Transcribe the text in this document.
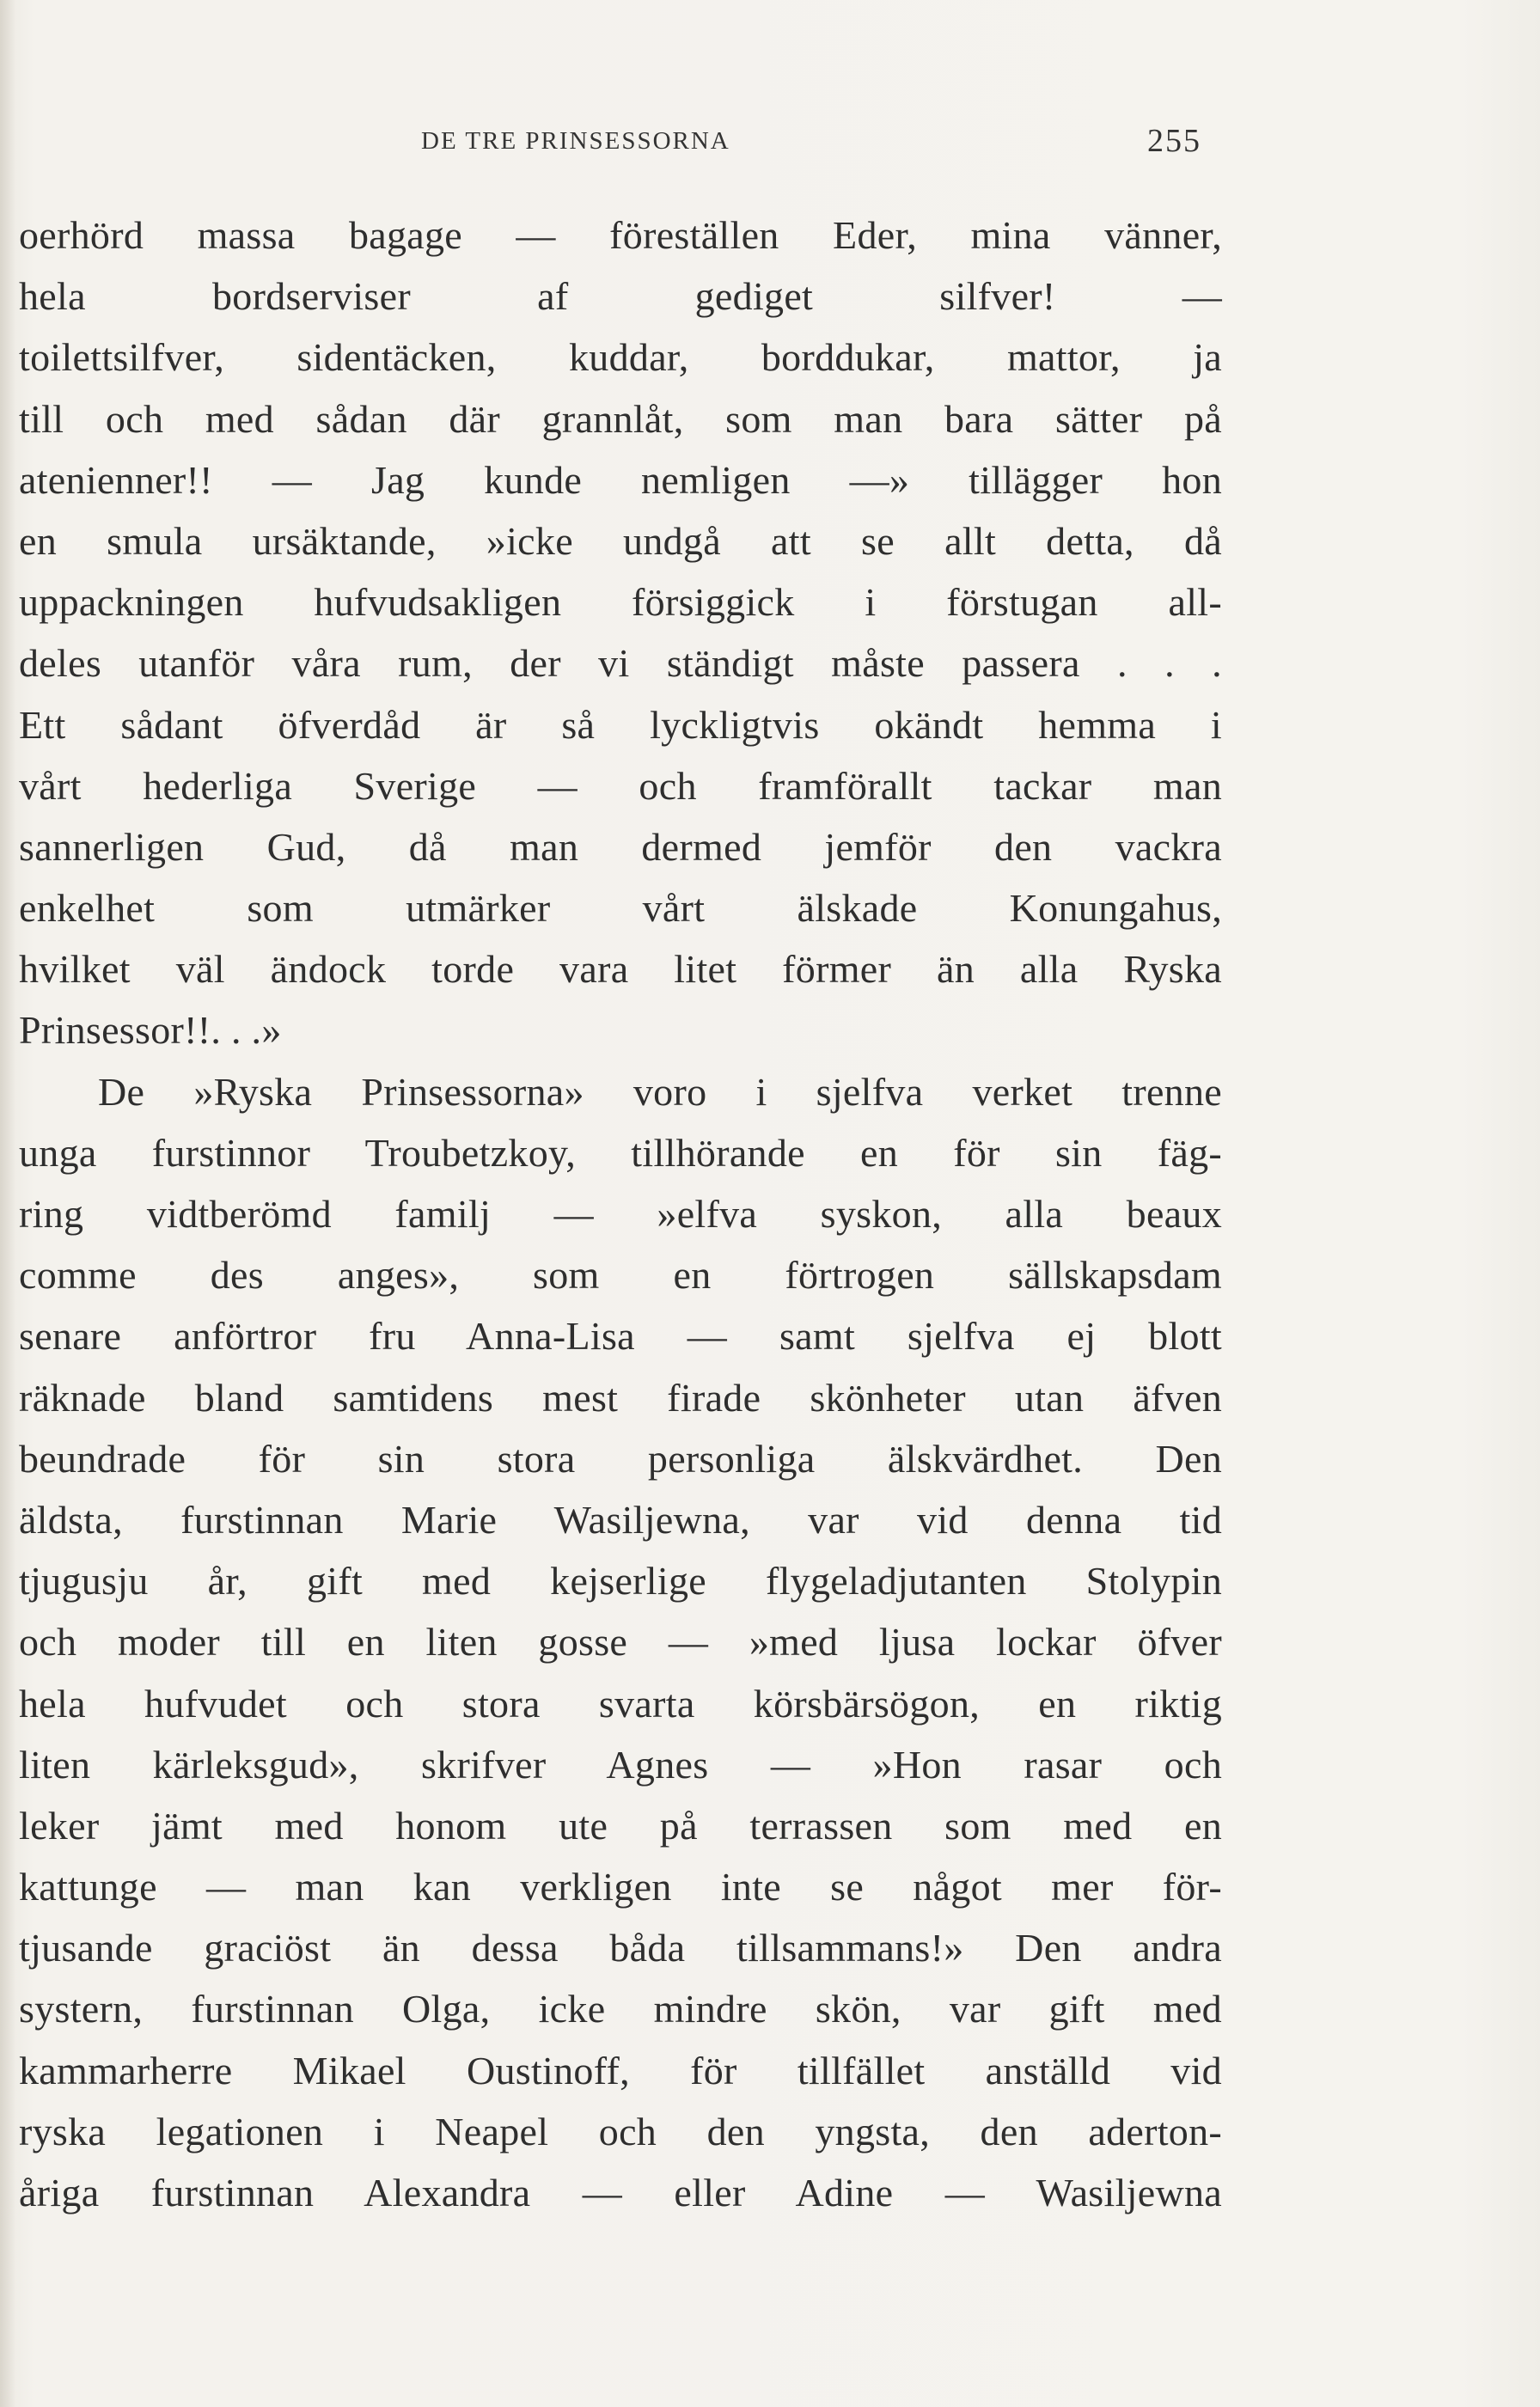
DE TRE PRINSESSORNA	255
oerhörd massa bagage — föreställen Eder, mina vänner,
hela bordserviser af gediget silfver! —
toilettsilfver, sidentäcken, kuddar, borddukar, mattor, ja
till och med sådan där grannlåt, som man bara sätter på
atenienner!! — Jag kunde nemligen —» tillägger hon
en smula ursäktande, »icke undgå att se allt detta, då
uppackningen hufvudsakligen försiggick i förstugan all-
deles utanför våra rum, der vi ständigt måste passera . . .
Ett sådant öfverdåd är så lyckligtvis okändt hemma i
vårt hederliga Sverige — och framförallt tackar man
sannerligen Gud, då man dermed jemför den vackra
enkelhet som utmärker vårt älskade Konungahus,
hvilket väl ändock torde vara litet förmer än alla Ryska
Prinsessor!!. . .»
De »Ryska Prinsessorna» voro i sjelfva verket trenne
unga furstinnor Troubetzkoy, tillhörande en för sin fäg-
ring vidtberömd familj — »elfva syskon, alla beaux
comme des anges», som en förtrogen sällskapsdam
senare anförtror fru Anna-Lisa — samt sjelfva ej blott
räknade bland samtidens mest firade skönheter utan äfven
beundrade för sin stora personliga älskvärdhet. Den
äldsta, furstinnan Marie Wasiljewna, var vid denna tid
tjugusju år, gift med kejserlige flygeladjutanten Stolypin
och moder till en liten gosse — »med ljusa lockar öfver
hela hufvudet och stora svarta körsbärsögon, en riktig
liten kärleksgud», skrifver Agnes — »Hon rasar och
leker jämt med honom ute på terrassen som med en
kattunge — man kan verkligen inte se något mer för-
tjusande graciöst än dessa båda tillsammans!» Den andra
systern, furstinnan Olga, icke mindre skön, var gift med
kammarherre Mikael Oustinoff, för tillfället anställd vid
ryska legationen i Neapel och den yngsta, den aderton-
åriga furstinnan Alexandra — eller Adine — Wasiljewna
